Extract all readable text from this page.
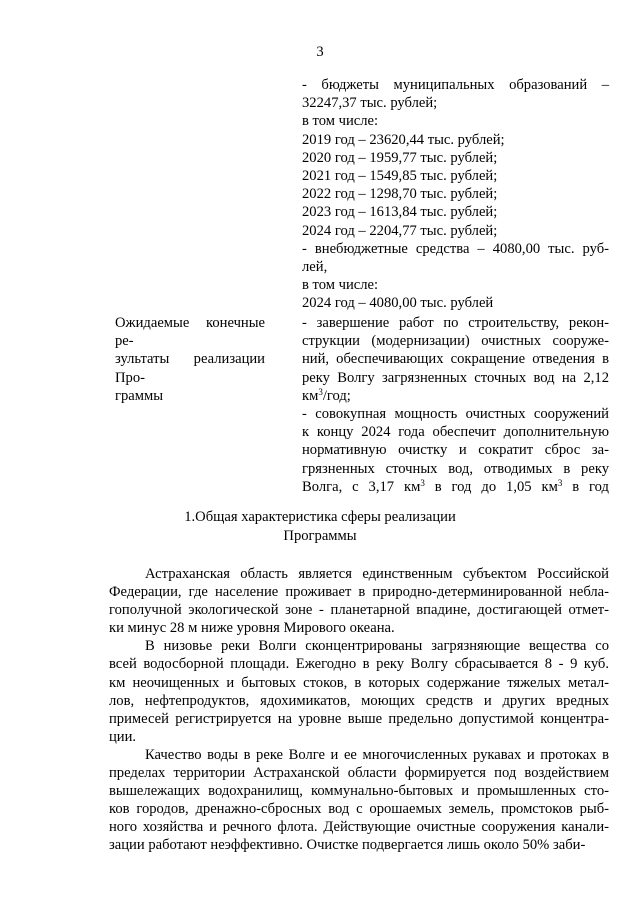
3

- бюджеты муниципальных образований –

32247,37 тыс. рублей;

в том числе:

2019 год – 23620,44 тыс. рублей;

2020 год – 1959,77 тыс. рублей;

2021 год – 1549,85 тыс. рублей;

2022 год – 1298,70 тыс. рублей;

2023 год – 1613,84 тыс. рублей;

2024 год – 2204,77 тыс. рублей;

- внебюджетные средства – 4080,00 тыс. руб-

лей,

в том числе:

2024 год – 4080,00 тыс. рублей

Ожидаемые конечные ре-

зультаты реализации Про-

граммы

- завершение работ по строительству, рекон-

струкции (модернизации) очистных сооруже-

ний, обеспечивающих сокращение отведения в

реку Волгу загрязненных сточных вод на 2,12

$км^3$/год;

- совокупная мощность очистных сооружений

к концу 2024 года обеспечит дополнительную

нормативную очистку и сократит сброс за-

грязненных сточных вод, отводимых в реку

Волга, с 3,17 $км^3$ в год до 1,05 $км^3$ в год

1.Общая характеристика сферы реализации

Программы

Астраханская область является единственным субъектом Российской

Федерации, где население проживает в природно-детерминированной небла-

гополучной экологической зоне - планетарной впадине, достигающей отмет-

ки минус 28 м ниже уровня Мирового океана.

В низовье реки Волги сконцентрированы загрязняющие вещества со

всей водосборной площади. Ежегодно в реку Волгу сбрасывается 8 - 9 куб.

км неочищенных и бытовых стоков, в которых содержание тяжелых метал-

лов, нефтепродуктов, ядохимикатов, моющих средств и других вредных

примесей регистрируется на уровне выше предельно допустимой концентра-

ции.

Качество воды в реке Волге и ее многочисленных рукавах и протоках в

пределах территории Астраханской области формируется под воздействием

вышележащих водохранилищ, коммунально-бытовых и промышленных сто-

ков городов, дренажно-сбросных вод с орошаемых земель, промстоков рыб-

ного хозяйства и речного флота. Действующие очистные сооружения канали-

зации работают неэффективно. Очистке подвергается лишь около 50% заби-
